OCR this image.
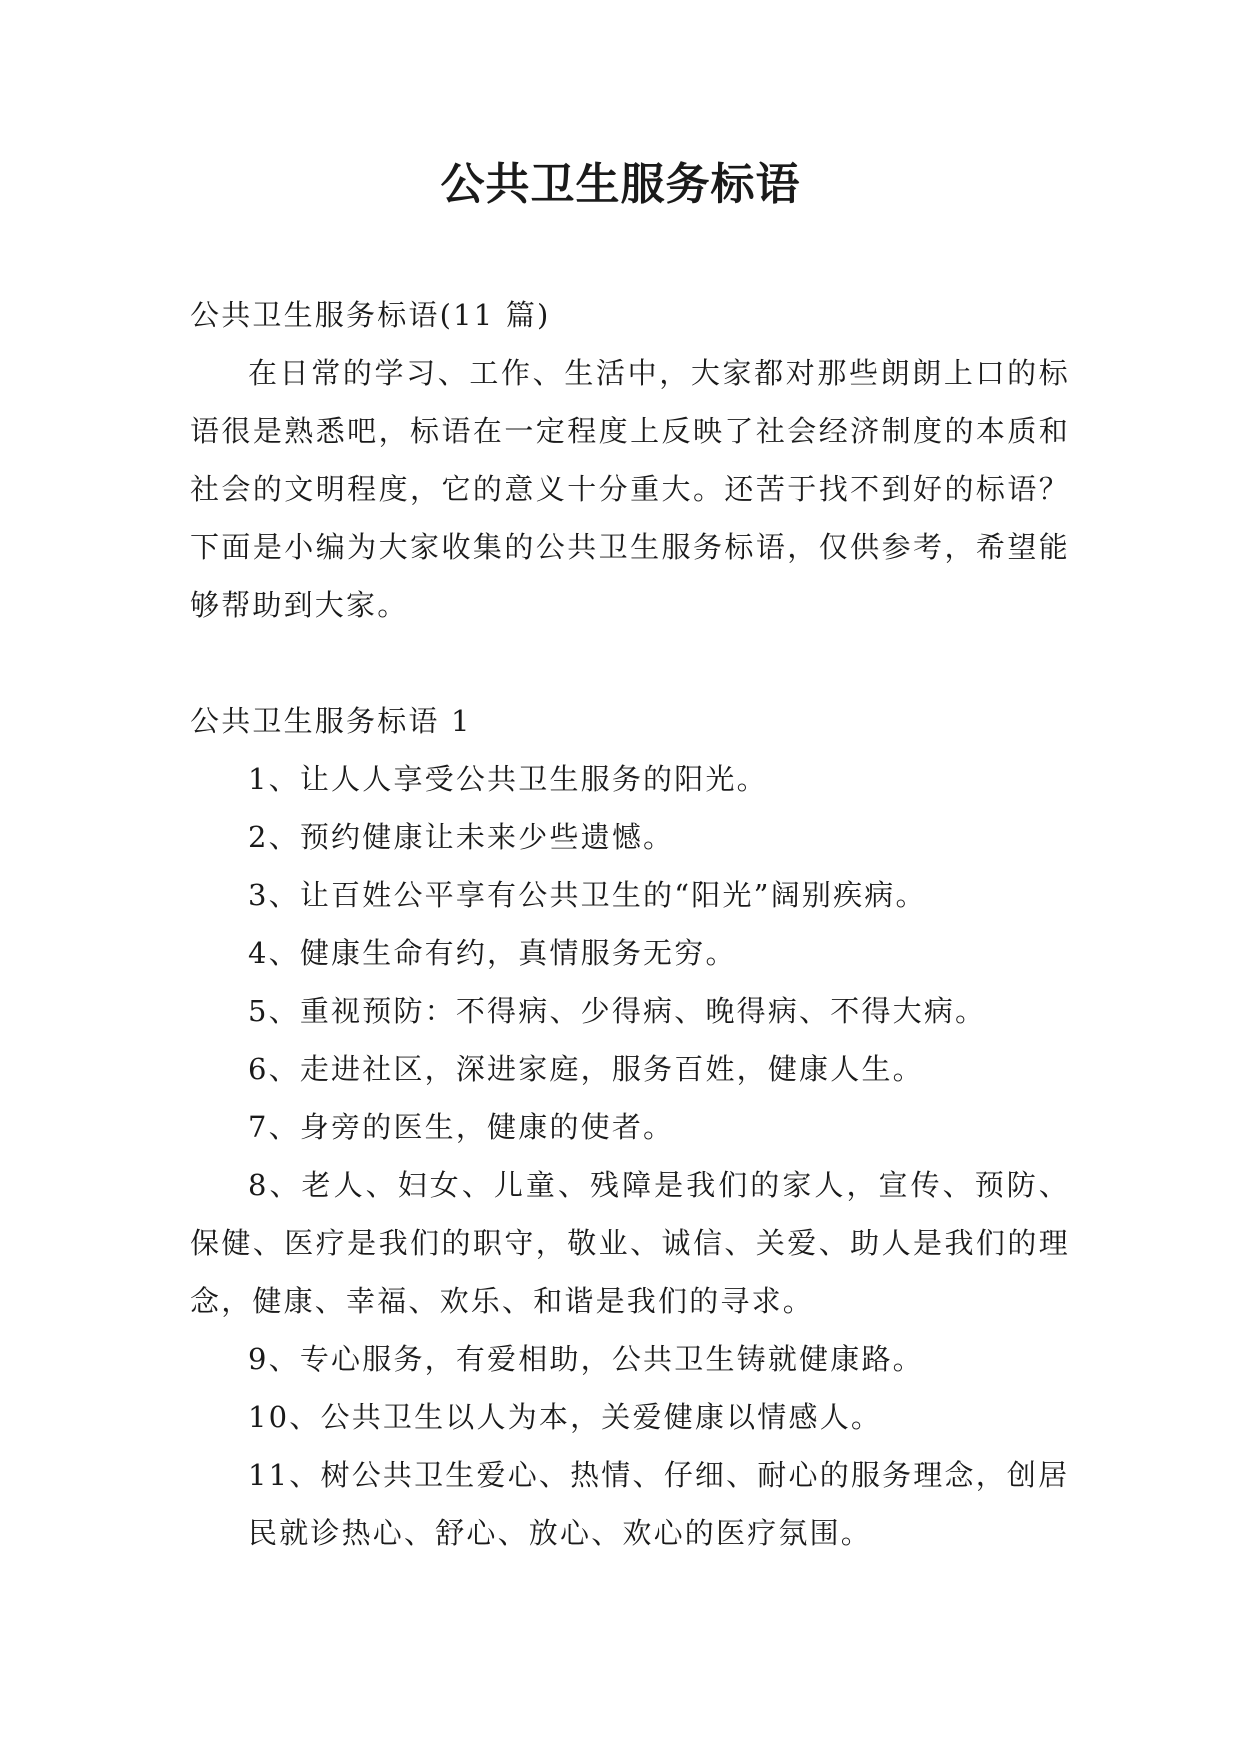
公共卫生服务标语

公共卫生服务标语(11 篇)

在日常的学习、工作、生活中，大家都对那些朗朗上口的标语很是熟悉吧，标语在一定程度上反映了社会经济制度的本质和社会的文明程度，它的意义十分重大。还苦于找不到好的标语？下面是小编为大家收集的公共卫生服务标语，仅供参考，希望能够帮助到大家。

公共卫生服务标语 1

1、让人人享受公共卫生服务的阳光。

2、预约健康让未来少些遗憾。

3、让百姓公平享有公共卫生的“阳光”阔别疾病。

4、健康生命有约，真情服务无穷。

5、重视预防：不得病、少得病、晚得病、不得大病。

6、走进社区，深进家庭，服务百姓，健康人生。

7、身旁的医生，健康的使者。

8、老人、妇女、儿童、残障是我们的家人，宣传、预防、保健、医疗是我们的职守，敬业、诚信、关爱、助人是我们的理念，健康、幸福、欢乐、和谐是我们的寻求。

9、专心服务，有爱相助，公共卫生铸就健康路。

10、公共卫生以人为本，关爱健康以情感人。

11、树公共卫生爱心、热情、仔细、耐心的服务理念，创居民就诊热心、舒心、放心、欢心的医疗氛围。
